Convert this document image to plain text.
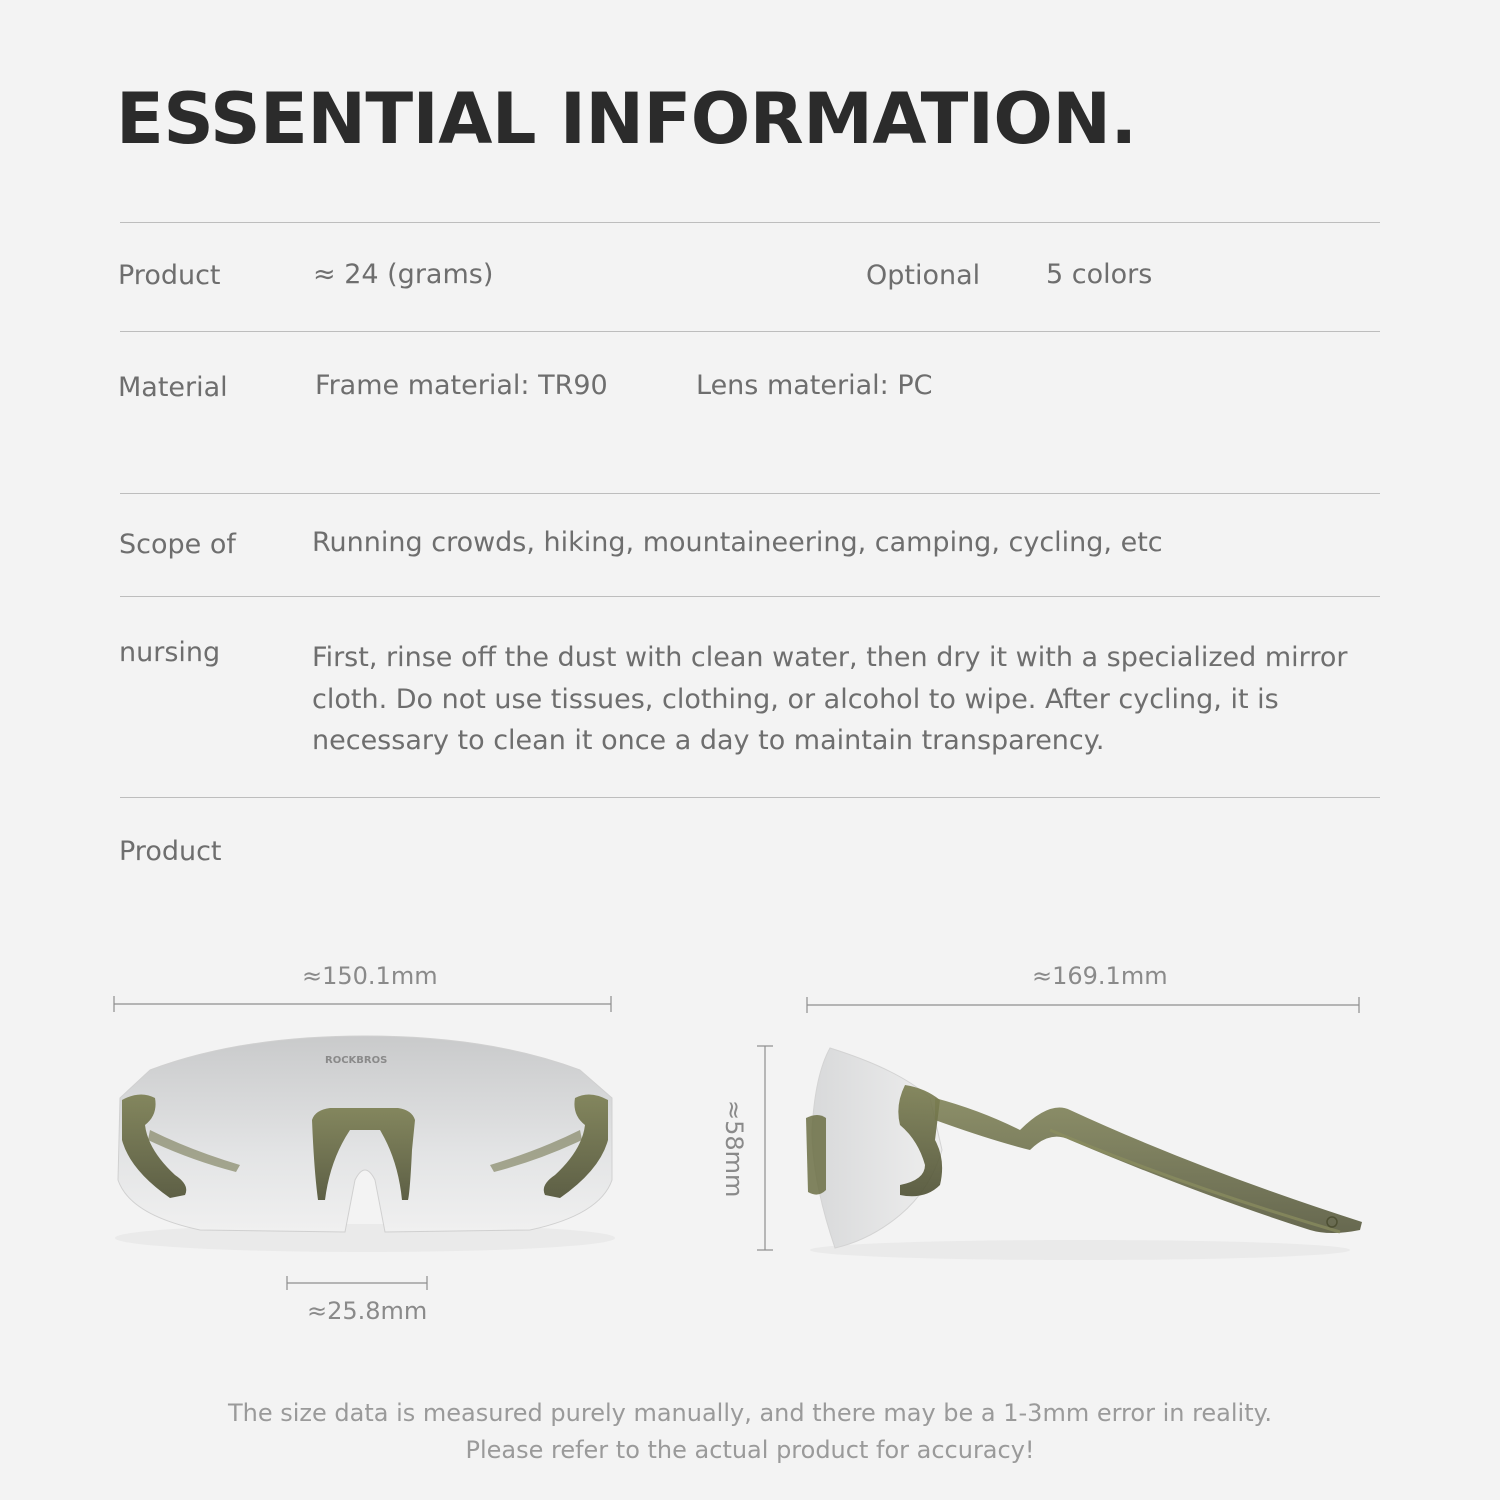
ESSENTIAL INFORMATION.
Product	≈ 24 (grams)	Optional 5 colors
Material	Frame material: TR90	Lens material: PC
Scope of	Running crowds, hiking, mountaineering, camping, cycling, etc
nursing	First, rinse off the dust with clean water, then dry it with a specialized mirror cloth. Do not use tissues, clothing, or alcohol to wipe. After cycling, it is necessary to clean it once a day to maintain transparency.
Product
≈150.1mm	≈169.1mm
≈25.8mm
≈58mm
ROCKBROS
The size data is measured purely manually, and there may be a 1-3mm error in reality.
Please refer to the actual product for accuracy!
